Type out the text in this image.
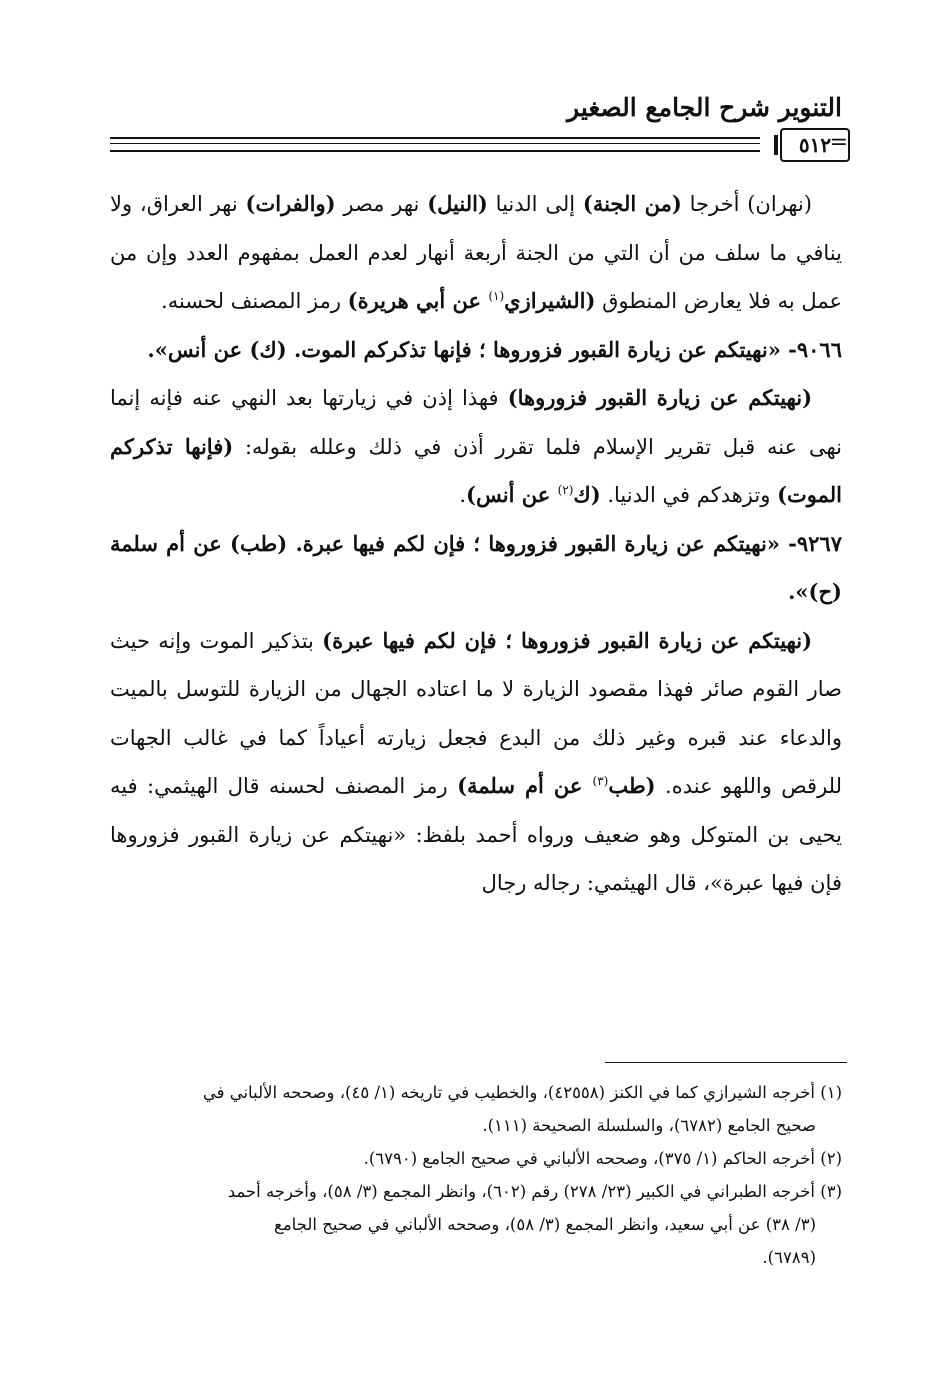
التنوير شرح الجامع الصغير
٥١٢
=

(نهران) أخرجا (من الجنة) إلى الدنيا (النيل) نهر مصر (والفرات) نهر العراق، ولا ينافي ما سلف من أن التي من الجنة أربعة أنهار لعدم العمل بمفهوم العدد وإن من عمل به فلا يعارض المنطوق (الشيرازي$^{(١)}$ عن أبي هريرة) رمز المصنف لحسنه.

٩٠٦٦- «نهيتكم عن زيارة القبور فزوروها ؛ فإنها تذكركم الموت. (ك) عن أنس».

(نهيتكم عن زيارة القبور فزوروها) فهذا إذن في زيارتها بعد النهي عنه فإنه إنما نهى عنه قبل تقرير الإسلام فلما تقرر أذن في ذلك وعلله بقوله: (فإنها تذكركم الموت) وتزهدكم في الدنيا. (ك$^{(٢)}$ عن أنس).

٩٢٦٧- «نهيتكم عن زيارة القبور فزوروها ؛ فإن لكم فيها عبرة. (طب) عن أم سلمة (ح)».

(نهيتكم عن زيارة القبور فزوروها ؛ فإن لكم فيها عبرة) بتذكير الموت وإنه حيث صار القوم صائر فهذا مقصود الزيارة لا ما اعتاده الجهال من الزيارة للتوسل بالميت والدعاء عند قبره وغير ذلك من البدع فجعل زيارته أعياداً كما في غالب الجهات للرقص واللهو عنده. (طب$^{(٣)}$ عن أم سلمة) رمز المصنف لحسنه قال الهيثمي: فيه يحيى بن المتوكل وهو ضعيف ورواه أحمد بلفظ: «نهيتكم عن زيارة القبور فزوروها فإن فيها عبرة»، قال الهيثمي: رجاله رجال

(١) أخرجه الشيرازي كما في الكنز (٤٢٥٥٨)، والخطيب في تاريخه (١/ ٤٥)، وصححه الألباني في

صحيح الجامع (٦٧٨٢)، والسلسلة الصحيحة (١١١).

(٢) أخرجه الحاكم (١/ ٣٧٥)، وصححه الألباني في صحيح الجامع (٦٧٩٠).

(٣) أخرجه الطبراني في الكبير (٢٣/ ٢٧٨) رقم (٦٠٢)، وانظر المجمع (٣/ ٥٨)، وأخرجه أحمد

(٣/ ٣٨) عن أبي سعيد، وانظر المجمع (٣/ ٥٨)، وصححه الألباني في صحيح الجامع

(٦٧٨٩).
